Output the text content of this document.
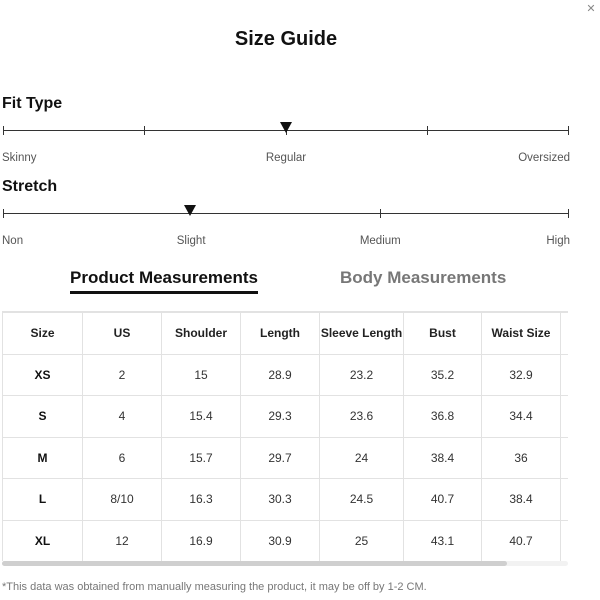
✕
Size Guide
Fit Type
Skinny	Regular	Oversized
Stretch
Non	Slight	Medium	High
Product Measurements	Body Measurements
Size	US	Shoulder	Length	Sleeve Length	Bust	Waist Size	
XS	2	15	28.9	23.2	35.2	32.9	
S	4	15.4	29.3	23.6	36.8	34.4	
M	6	15.7	29.7	24	38.4	36	
L	8/10	16.3	30.3	24.5	40.7	38.4	
XL	12	16.9	30.9	25	43.1	40.7	

*This data was obtained from manually measuring the product, it may be off by 1-2 CM.
